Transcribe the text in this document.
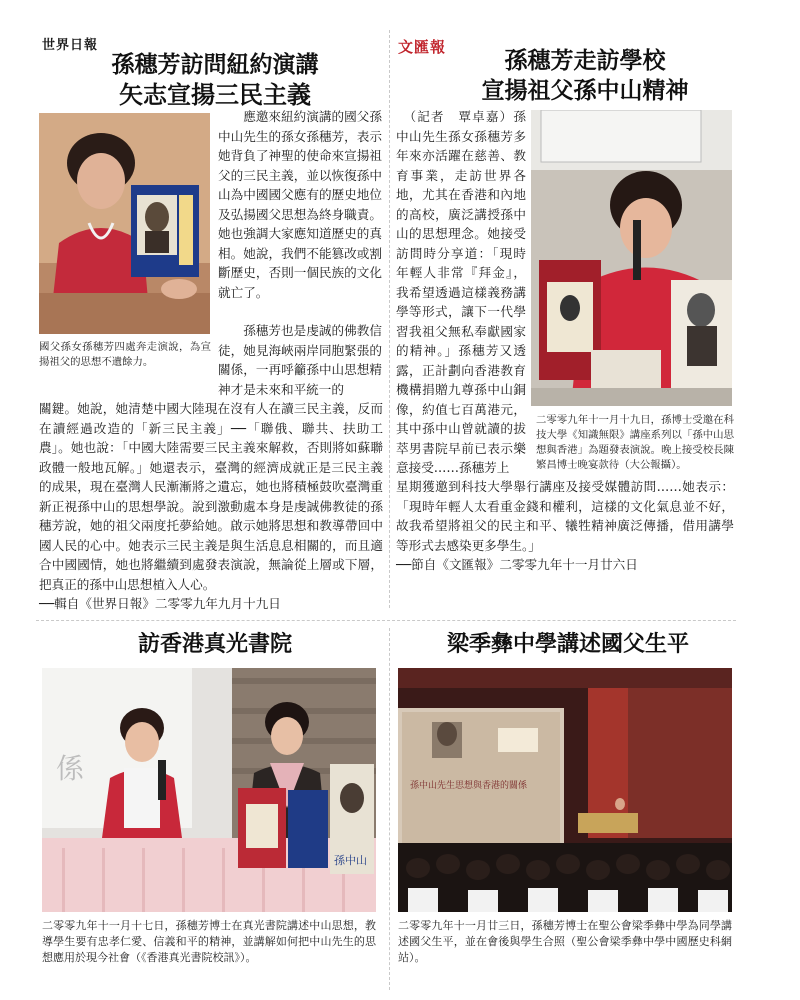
世界日報
孫穗芳訪問紐約演講
矢志宣揚三民主義
國父孫女孫穗芳四處奔走演說，為宣揚祖父的思想不遺餘力。

應邀來紐約演講的國父孫中山先生的孫女孫穗芳，表示她背負了神聖的使命來宣揚祖父的三民主義，並以恢復孫中山為中國國父應有的歷史地位及弘揚國父思想為終身職責。她也強調大家應知道歷史的真相。她說，我們不能篡改或割斷歷史，否則一個民族的文化就亡了。

孫穗芳也是虔誠的佛教信徒，她見海峽兩岸同胞緊張的關係，一再呼籲孫中山思想精神才是未來和平統一的

關鍵。她說，她清楚中國大陸現在沒有人在讀三民主義，反而在讀經過改造的「新三民主義」──「聯俄、聯共、扶助工農」。她也說：「中國大陸需要三民主義來解救，否則將如蘇聯政體一般地瓦解。」她還表示，臺灣的經濟成就正是三民主義的成果，現在臺灣人民漸漸將之遺忘，她也將積極鼓吹臺灣重新正視孫中山的思想學說。說到激動處本身是虔誠佛教徒的孫穗芳說，她的祖父兩度托夢給她。啟示她將思想和教導帶回中國人民的心中。她表示三民主義是與生活息息相關的，而且適合中國國情，她也將繼續到處發表演說，無論從上層或下層，把真正的孫中山思想植入人心。

──輯自《世界日報》二零零九年九月十九日

文匯報
孫穗芳走訪學校
宣揚祖父孫中山精神
二零零九年十一月十九日，孫博士受邀在科技大學《知識無限》講座系列以「孫中山思想與香港」為題發表演說。晚上接受校長陳繁昌博士晚宴款待（大公報攝）。

　（記者　覃卓嘉）孫中山先生孫女孫穗芳多年來亦活躍在慈善、教育事業，走訪世界各地，尤其在香港和內地的高校，廣泛講授孫中山的思想理念。她接受訪問時分享道：「現時年輕人非常『拜金』，我希望透過這樣義務講學等形式，讓下一代學習我祖父無私奉獻國家的精神。」孫穗芳又透露，正計劃向香港教育機構捐贈九尊孫中山銅像，約值七百萬港元，其中孫中山曾就讀的拔萃男書院早前已表示樂意接受……孫穗芳上

星期獲邀到科技大學舉行講座及接受媒體訪問……她表示：「現時年輕人太看重金錢和權利，這樣的文化氣息並不好，故我希望將祖父的民主和平、犧牲精神廣泛傳播，借用講學等形式去感染更多學生。」

──節自《文匯報》二零零九年十一月廿六日

訪香港真光書院
係
孫中山
二零零九年十一月十七日，孫穗芳博士在真光書院講述中山思想，教導學生要有忠孝仁愛、信義和平的精神，並講解如何把中山先生的思想應用於現今社會（《香港真光書院校訊》）。
梁季彝中學講述國父生平
孫中山先生思想與香港的關係
二零零九年十一月廿三日，孫穗芳博士在聖公會梁季彝中學為同學講述國父生平，並在會後與學生合照（聖公會梁季彝中學中國歷史科網站）。
